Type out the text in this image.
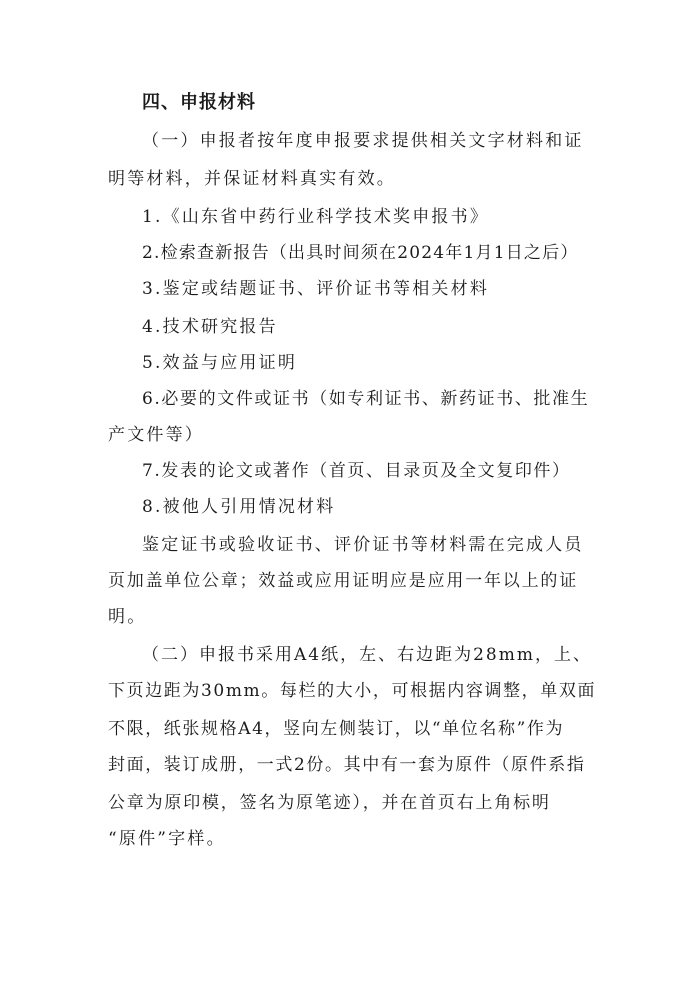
四、申报材料
（一）申报者按年度申报要求提供相关文字材料和证
明等材料，并保证材料真实有效。
1.《山东省中药行业科学技术奖申报书》
2.检索查新报告（出具时间须在2024年1月1日之后）
3.鉴定或结题证书、评价证书等相关材料
4.技术研究报告
5.效益与应用证明
6.必要的文件或证书（如专利证书、新药证书、批准生
产文件等）
7.发表的论文或著作（首页、目录页及全文复印件）
8.被他人引用情况材料
鉴定证书或验收证书、评价证书等材料需在完成人员
页加盖单位公章；效益或应用证明应是应用一年以上的证
明。
（二）申报书采用A4纸，左、右边距为28mm，上、
下页边距为30mm。每栏的大小，可根据内容调整，单双面
不限，纸张规格A4，竖向左侧装订，以“单位名称”作为
封面，装订成册，一式2份。其中有一套为原件（原件系指
公章为原印模，签名为原笔迹），并在首页右上角标明
“原件”字样。
